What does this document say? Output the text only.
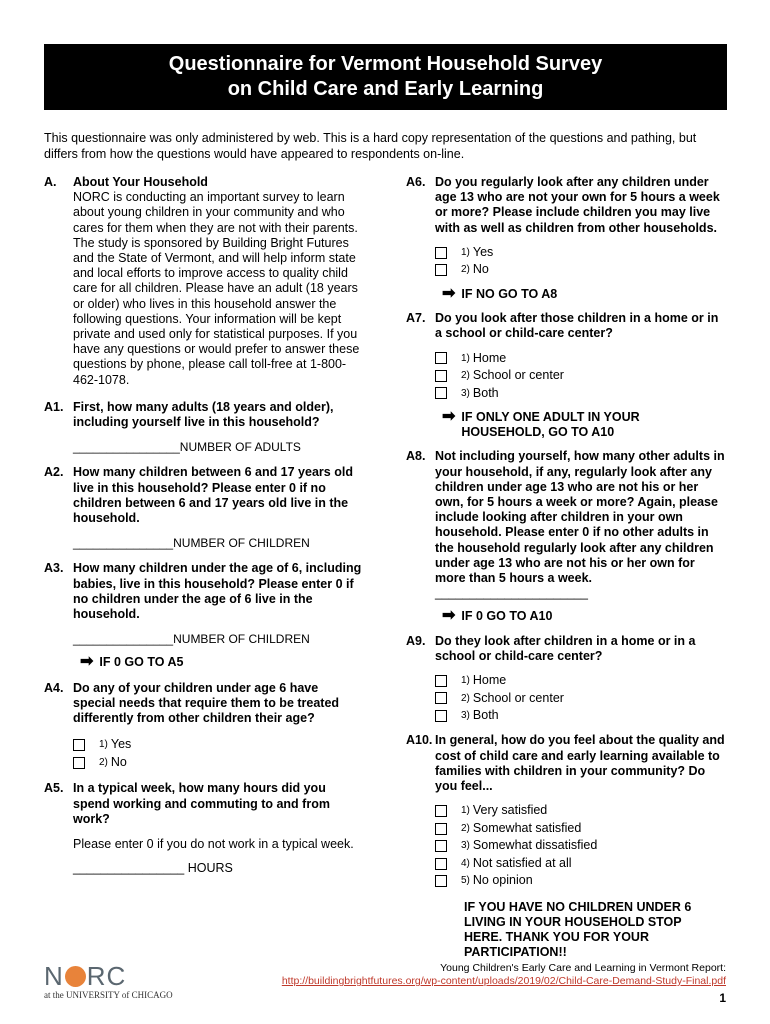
Questionnaire for Vermont Household Survey
on Child Care and Early Learning
This questionnaire was only administered by web. This is a hard copy representation of the questions and pathing, but differs from how the questions would have appeared to respondents on-line.
A. About Your Household
NORC is conducting an important survey to learn about young children in your community and who cares for them when they are not with their parents. The study is sponsored by Building Bright Futures and the State of Vermont, and will help inform state and local efforts to improve access to quality child care for all children. Please have an adult (18 years or older) who lives in this household answer the following questions. Your information will be kept private and used only for statistical purposes. If you have any questions or would prefer to answer these questions by phone, please call toll-free at 1-800-462-1078.
A1. First, how many adults (18 years and older), including yourself live in this household?
________________NUMBER OF ADULTS
A2. How many children between 6 and 17 years old live in this household? Please enter 0 if no children between 6 and 17 years old live in the household.
_______________NUMBER OF CHILDREN
A3. How many children under the age of 6, including babies, live in this household? Please enter 0 if no children under the age of 6 live in the household.
_______________NUMBER OF CHILDREN
➡ IF 0 GO TO A5
A4. Do any of your children under age 6 have special needs that require them to be treated differently from other children their age?
1) Yes
2) No
A5. In a typical week, how many hours did you spend working and commuting to and from work?
Please enter 0 if you do not work in a typical week.
________________ HOURS
A6. Do you regularly look after any children under age 13 who are not your own for 5 hours a week or more? Please include children you may live with as well as children from other households.
1) Yes
2) No
➡ IF NO GO TO A8
A7. Do you look after those children in a home or in a school or child-care center?
1) Home
2) School or center
3) Both
➡ IF ONLY ONE ADULT IN YOUR HOUSEHOLD, GO TO A10
A8. Not including yourself, how many other adults in your household, if any, regularly look after any children under age 13 who are not his or her own, for 5 hours a week or more? Again, please include looking after children in your own household. Please enter 0 if no other adults in the household regularly look after any children under age 13 who are not his or her own for more than 5 hours a week.
______________________
➡ IF 0 GO TO A10
A9. Do they look after children in a home or in a school or child-care center?
1) Home
2) School or center
3) Both
A10. In general, how do you feel about the quality and cost of child care and early learning available to families with children in your community? Do you feel...
1) Very satisfied
2) Somewhat satisfied
3) Somewhat dissatisfied
4) Not satisfied at all
5) No opinion
IF YOU HAVE NO CHILDREN UNDER 6 LIVING IN YOUR HOUSEHOLD STOP HERE. THANK YOU FOR YOUR PARTICIPATION!!
N RC
at the UNIVERSITY of CHICAGO
Young Children's Early Care and Learning in Vermont Report:
http://buildingbrightfutures.org/wp-content/uploads/2019/02/Child-Care-Demand-Study-Final.pdf
1
